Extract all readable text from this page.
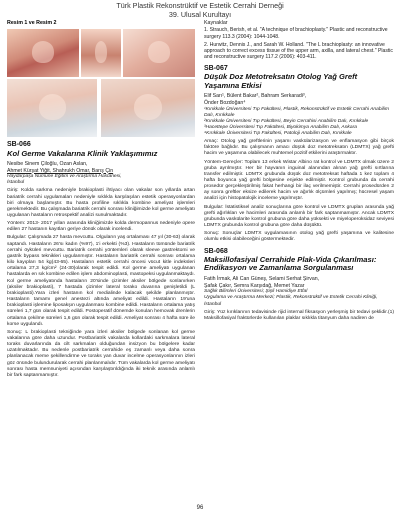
Türk Plastik Rekonstrüktif ve Estetik Cerrahi Derneği
39. Ulusal Kurultayı
Resim 1 ve Resim 2
SB-066
Kol Germe Vakalarına Klinik Yaklaşımımız
Nesibe Sinem Çiloğlu, Ozan Aslan,
Ahmet Kürşat Yiğit, Shahrukh Omar, Barış Çin
Haydarpaşa Numune Eğitim ve Araştırma Hastanesi,
İstanbul

Giriş: Kolda sarkma nedeniyle brakioplasti ihtiyacı olan vakalar son yıllarda artan bariatrik cerrahi uygulamaları nedeniyle sıklıkla karşılaşılan estetik operasyonlardan biri olmaya başlamıştır. Bu hasta profiline sıklıkla kombine ameliyat işlemleri gerekmektedir. Bu çalışmada bariatrik cerrahi sonrası kliniğimizde kol germe ameliyatı uygulanan hastaların retrospektif analizi sunulmaktadır.

Yöntem: 2013- 2017 yılları arasında kliniğimizde kolda dermopannus nedeniyle opere edilen 27 hastanın kayıtları geriye dönük olarak incelendi.

Bulgular: Çalışmada 27 hasta mevcuttu. Olguların yaş ortalaması 47 yıl (30-63) olarak saptandı. Hastaların 26'sı kadın (%97), 1'i erkekti (%3). Hastaların tümünde bariatrik cerrahi öyküleri mevcuttu. Bariatrik cerrahi yöntemleri olarak sleeve gastrektomi ve gastrik bypass teknikleri uygulanmıştır. Hastaların bariatrik cerrahi sonrası ortalama kilo kayıpları 54 kg(43-65). Hastaların estetik cerrahi öncesi vücut kitle indeksleri ortalama 27,3 kg/cm² (24-30)olarak tespit edildi. Kol germe ameliyatı uygulanan hastalarda en sık kombine edilen işlem abdominoplasti, mastopeksi uygulanmaktaydı. Kol germe ameliyatında hastaların 20'sinde çizimler aksiler bölgede sonlanırken (aksiler brakioplasti), 7 hastada çizimler lateral torako duvarına genişletildi (L brakioplasti).Yara izleri hastanın kol medialinde kalacak şekilde planlanmıştır. Hastaların tamamı genel anestezi altında ameliyat edildi. Hastaların 19'una brakioplasti işlemine liposakşın uygulanması kombine edildi. Hastaların ortalama yatış süreleri 1,7 gün olarak tespit edildi. Postoperatif dönemde konulan hemovak drenlerin ortalama çekilme süreleri 1,6 gün olarak tespit edildi. Ameliyat sonrası 4 hafta süre ile korse uygulandı.

Sonuç: L brakioplasti tekniğinde yara izleri aksiler bölgede sonlanan kol germe vakalarına göre daha uzundur. Postbariatrik vakalarda kollardaki sarkmalara lateral toraks duvarlarında da cilt sarkmaları olduğundan insizyon bu bölgelere kadar uzatılmaktadır. Bu nedenle postbariatrik cerrahide eş zamanlı veya daha sonra planlanacak meme şekillendirme ve toraks yan duvar incelme operasyonlarının izleri göz önünde bulundurularak cerrahi planlanmalıdır. Tüm vakalarda kol germe ameliyatı sonrası hasta memnuniyeti açısından karşılaştırıldığında iki teknik arasında anlamlı bir fark saptanmamıştır.

Kaynaklar

1. Strauch, Berish, et al. "A technique of brachioplasty." Plastic and reconstructive surgery 113.3 (2004): 1044-1048.

2. Hurwitz, Dennis J., and Sarah W. Holland. "The L brachioplasty: an innovative approach to correct excess tissue of the upper arm, axilla, and lateral chest." Plastic and reconstructive surgery 117.2 (2006): 403-411.

SB-067
Düşük Doz Metotreksatın Otolog Yağ Greft Yaşamına Etkisi
Elif Sarı¹, Bülent Bakar², Bahram Serkaradi³,
Önder Bozdoğan⁴
¹Kırıkkale Üniversitesi Tıp Fakültesi, Plastik, Rekonstrüktif ve Estetik Cerrahi Anabilim Dalı, Kırıkkale
²Kırıkkale Üniversitesi Tıp Fakültesi, Beyin Cerrahisi Anabilim Dalı, Kırıkkale
³Hacettepe Üniversitesi Tıp Fakültesi, Biyokimya Anabilim Dalı, Ankara
⁴Kırıkkale Üniversitesi Tıp Fakültesi, Patoloji Anabilim Dalı, Kırıkkale

Amaç: Otolog yağ greftlerinin yaşamı vaskülarizasyon ve enflamasyon gibi birçok faktöre bağlıdır. Bu çalışmanın amacı düşük doz metotreksatın (LDMTX) yağ grefti hacim ve yaşamına olabilecek muhtemel pozitif etkilerini araştırmaktır.

Yöntem-Gereçler: Toplam 13 erkek Wistar Albino rat kontrol ve LDMTX olmak üzere 2 gruba ayrılmıştır. Her bir hayvanın inguinal alanından alınan yağ grefti sırtlarına transfer edilmiştir. LDMTX grubunda düşük doz metotreksat haftada 1 kez toplam 4 hafta boyunca yağ grefti bölgesine enjekte edilmiştir. Kontrol grubunda da cerrahi prosedür gerçekleştirilmiş fakat herhangi bir ilaç verilmemiştir. Cerrahi prosedürden 2 ay sonra greftler eksize edilerek hacim ve ağırlık ölçümleri yapılmış; hücresel yaşam analizi için histopatolojik inceleme yapılmıştır.

Bulgular: İstatistiksel analiz sonuçlarına göre kontrol ve LDMTX grupları arasında yağ grefti ağırlıkları ve hacimleri arasında anlamlı bir fark saptanmamıştır. Ancak LDMTX grubunda vaskülarite kontrol grubuna göre daha yüksekti ve miyeloperoksidaz seviyesi LDMTX grubunda kontrol grubuna göre daha düşüktü.

Sonuç: Sonuçlar LDMTX uygulamasının otolog yağ grefti yaşamına ve kalitesine olumlu etkisi olabileceğini göstermektedir.

SB-068
Maksillofasiyal Cerrahide Plak-Vida Çıkarılması: Endikasyon ve Zamanlama Sorgulanması
Fatih İrmak, Ali Can Güneş, Selami Serhat Şirvan,
Şafak Çakır, Semra Karşıdağ, Memet Yazar
Sağlık Bilimleri Üniversitesi; Şişli Hamidiye Etfal
Uygulama ve Araştırma Merkezi; Plastik, Rekonstrüktif ve Estetik Cerrahi Kliniği, İstanbul

Giriş: Yüz kırıklarının tedavisinde rijid internal fiksasyon yerleşmiş bir tedavi şeklidir.(1) Maksillofasiyal fraktürlerde kullanılan plaklar sıklıkla titanyum daha nadiren de

96
